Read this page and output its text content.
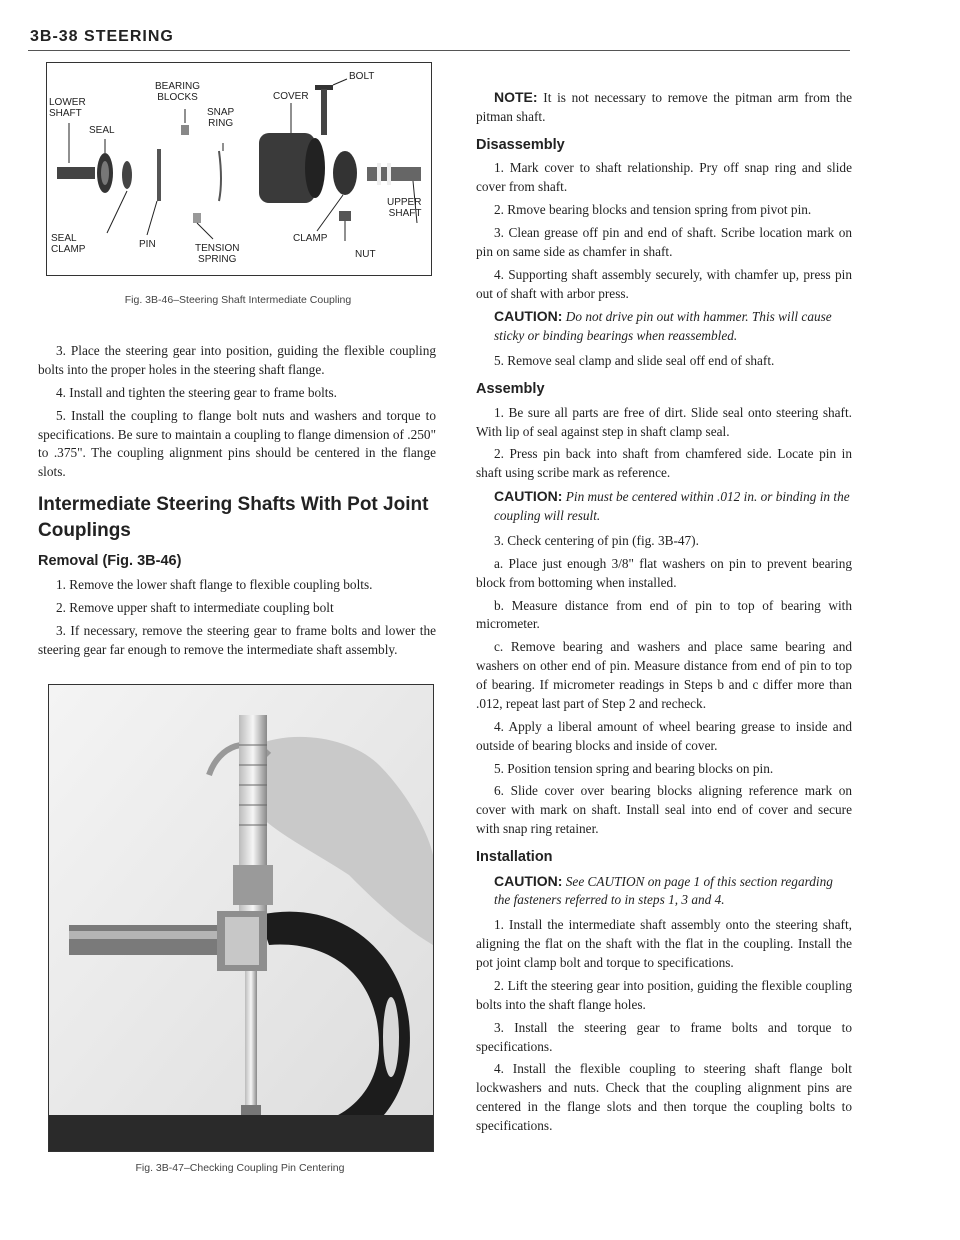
3B-38 STEERING
LOWER
SHAFT
SEAL
BEARING
BLOCKS
SNAP
RING
COVER
BOLT
SEAL
CLAMP	PIN	TENSION
SPRING
CLAMP
NUT
UPPER
SHAFT
Fig. 3B-46–Steering Shaft Intermediate Coupling

3. Place the steering gear into position, guiding the flexible coupling bolts into the proper holes in the steering shaft flange.

4. Install and tighten the steering gear to frame bolts.

5. Install the coupling to flange bolt nuts and washers and torque to specifications. Be sure to maintain a coupling to flange dimension of .250" to .375". The coupling alignment pins should be centered in the flange slots.

Intermediate Steering Shafts With Pot Joint Couplings
Removal (Fig. 3B-46)

1. Remove the lower shaft flange to flexible coupling bolts.

2. Remove upper shaft to intermediate coupling bolt

3. If necessary, remove the steering gear to frame bolts and lower the steering gear far enough to remove the intermediate shaft assembly.

Fig. 3B-47–Checking Coupling Pin Centering

NOTE: It is not necessary to remove the pitman arm from the pitman shaft.

Disassembly

1. Mark cover to shaft relationship. Pry off snap ring and slide cover from shaft.

2. Rmove bearing blocks and tension spring from pivot pin.

3. Clean grease off pin and end of shaft. Scribe location mark on pin on same side as chamfer in shaft.

4. Supporting shaft assembly securely, with chamfer up, press pin out of shaft with arbor press.

CAUTION: Do not drive pin out with hammer. This will cause sticky or binding bearings when reassembled.

5. Remove seal clamp and slide seal off end of shaft.

Assembly

1. Be sure all parts are free of dirt. Slide seal onto steering shaft. With lip of seal against step in shaft clamp seal.

2. Press pin back into shaft from chamfered side. Locate pin in shaft using scribe mark as reference.

CAUTION: Pin must be centered within .012 in. or binding in the coupling will result.

3. Check centering of pin (fig. 3B-47).

a. Place just enough 3/8" flat washers on pin to prevent bearing block from bottoming when installed.

b. Measure distance from end of pin to top of bearing with micrometer.

c. Remove bearing and washers and place same bearing and washers on other end of pin. Measure distance from end of pin to top of bearing. If micrometer readings in Steps b and c differ more than .012, repeat last part of Step 2 and recheck.

4. Apply a liberal amount of wheel bearing grease to inside and outside of bearing blocks and inside of cover.

5. Position tension spring and bearing blocks on pin.

6. Slide cover over bearing blocks aligning reference mark on cover with mark on shaft. Install seal into end of cover and secure with snap ring retainer.

Installation
CAUTION: See CAUTION on page 1 of this section regarding the fasteners referred to in steps 1, 3 and 4.

1. Install the intermediate shaft assembly onto the steering shaft, aligning the flat on the shaft with the flat in the coupling. Install the pot joint clamp bolt and torque to specifications.

2. Lift the steering gear into position, guiding the flexible coupling bolts into the shaft flange holes.

3. Install the steering gear to frame bolts and torque to specifications.

4. Install the flexible coupling to steering shaft flange bolt lockwashers and nuts. Check that the coupling alignment pins are centered in the flange slots and then torque the coupling bolts to specifications.
